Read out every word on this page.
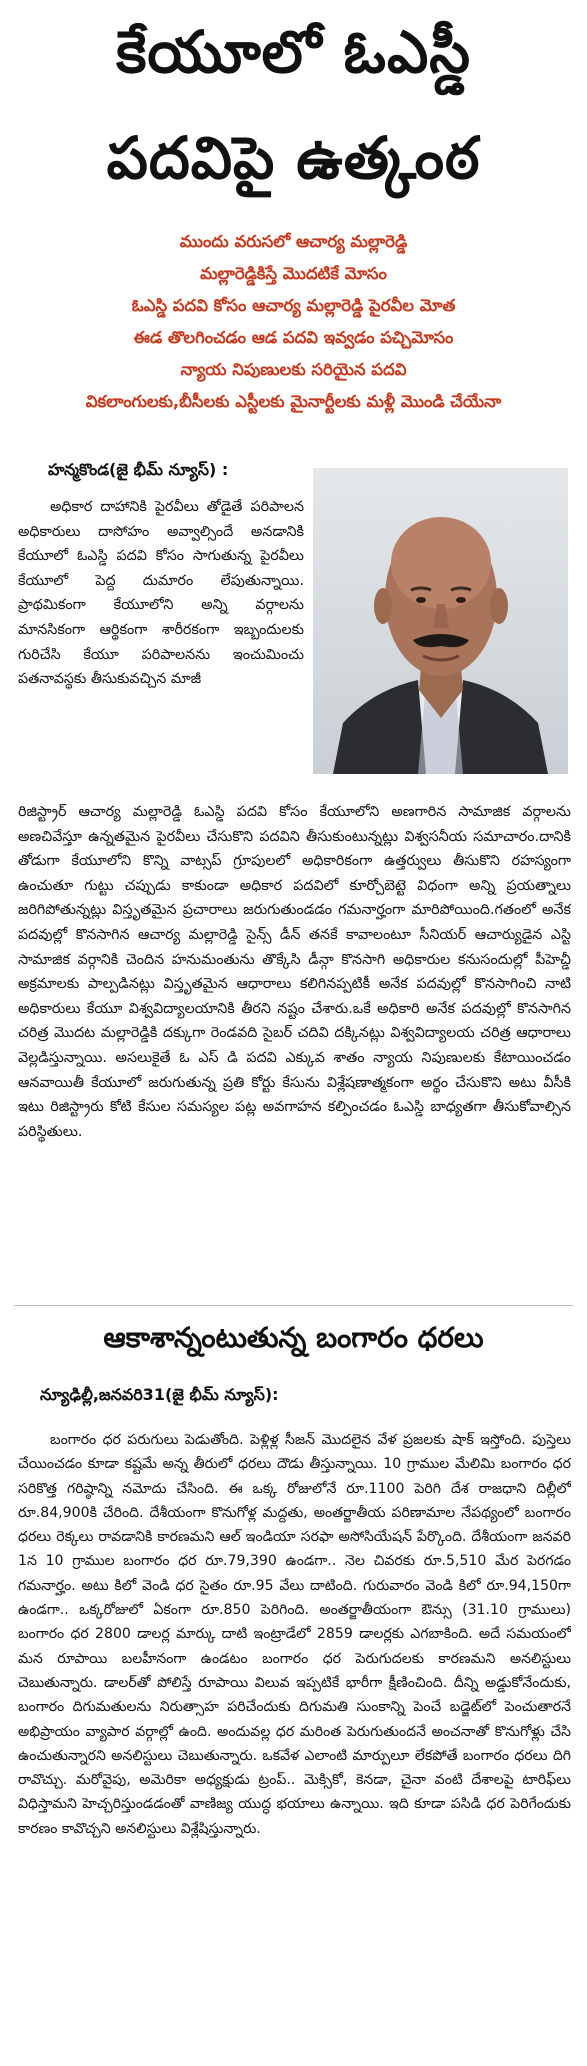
కేయూలో ఓఎస్డీ
పదవిపై ఉత్కంఠ
ముందు వరుసలో ఆచార్య మల్లారెడ్డి
మల్లారెడ్డికిస్తే మొదటికే మోసం
ఓఎస్డి పదవి కోసం ఆచార్య మల్లారెడ్డి పైరవీల మోత
ఈడ తొలగించడం ఆడ పదవి ఇవ్వడం పచ్చిమోసం
న్యాయ నిపుణులకు సరియైన పదవి
వికలాంగులకు,బీసీలకు ఎస్టీలకు మైనార్టీలకు మళ్లీ మొండి చేయేనా
హన్మకొండ(జై భీమ్ న్యూస్) :

అధికార దాహానికి పైరవీలు తోడైతే పరిపాలన అధికారులు దాసోహం అవ్వాల్సిందే అనడానికి కేయూలో ఓఎస్డి పదవి కోసం సాగుతున్న పైరవీలు కేయూలో పెద్ద దుమారం లేపుతున్నాయి. ప్రాథమికంగా కేయూలోని అన్ని వర్గాలను మానసికంగా ఆర్థికంగా శారీరకంగా ఇబ్బందులకు గురిచేసి కేయూ పరిపాలనను ఇంచుమించు పతనావస్థకు తీసుకువచ్చిన మాజీ

రిజిస్ట్రార్ ఆచార్య మల్లారెడ్డి ఓఎస్డి పదవి కోసం కేయూలోని అణగారిన సామాజిక వర్గాలను అణచివేస్తూ ఉన్నతమైన పైరవీలు చేసుకొని పదవిని తీసుకుంటున్నట్లు విశ్వసనీయ సమాచారం.దానికి తోడుగా కేయూలోని కొన్ని వాట్సప్ గ్రూపులలో అధికారికంగా ఉత్తర్వులు తీసుకొని రహస్యంగా ఉంచుతూ గుట్టు చప్పుడు కాకుండా అధికార పదవిలో కూర్చోబెట్టె విధంగా అన్ని ప్రయత్నాలు జరిగిపోతున్నట్లు విస్తృతమైన ప్రచారాలు జరుగుతుండడం గమనార్హంగా మారిపోయింది.గతంలో అనేక పదవుల్లో కొనసాగిన ఆచార్య మల్లారెడ్డి సైన్స్ డీన్ తనకే కావాలంటూ సీనియర్ ఆచార్యుడైన ఎస్టి సామాజిక వర్గానికి చెందిన హనుమంతును తొక్కేసి డీన్గా కొనసాగి అధికారుల కనుసందుల్లో పీహెచ్డీ అక్రమాలకు పాల్పడినట్లు విస్తృతమైన ఆధారాలు కలిగినప్పటికీ అనేక పదవుల్లో కొనసాగించి నాటి అధికారులు కేయూ విశ్వవిద్యాలయానికి తీరని నష్టం చేశారు.ఒకే అధికారి అనేక పదవుల్లో కొనసాగిన చరిత్ర మొదట మల్లారెడ్డికి దక్కుగా రెండవది సైబర్ చదివి దక్కినట్లు విశ్వవిద్యాలయ చరిత్ర ఆధారాలు వెల్లడిస్తున్నాయి. అసలుకైతే ఓ ఎస్ డి పదవి ఎక్కువ శాతం న్యాయ నిపుణులకు కేటాయించడం ఆనవాయితీ కేయూలో జరుగుతున్న ప్రతి కోర్టు కేసును విశ్లేషణాత్మకంగా అర్థం చేసుకొని అటు వీసీకి ఇటు రిజిస్ట్రారు కోటి కేసుల సమస్యల పట్ల అవగాహన కల్పించడం ఓఎస్డి బాధ్యతగా తీసుకోవాల్సిన పరిస్థితులు.

ఆకాశాన్నంటుతున్న బంగారం ధరలు
న్యూఢిల్లీ,జనవరి31(జై భీమ్ న్యూస్):

బంగారం ధర పరుగులు పెడుతోంది. పెళ్లిళ్ల సీజన్ మొదలైన వేళ ప్రజలకు షాక్ ఇస్తోంది. పుస్తెలు చేయించడం కూడా కష్టమే అన్న తీరులో ధరలు దౌడు తీస్తున్నాయి. 10 గ్రాముల మేలిమి బంగారం ధర సరికొత్త గరిష్ఠాన్ని నమోదు చేసింది. ఈ ఒక్క రోజులోనే రూ.1100 పెరిగి దేశ రాజధాని దిల్లీలో రూ.84,900కి చేరింది. దేశీయంగా కొనుగోళ్ల మద్దతు, అంతర్జాతీయ పరిణామాల నేపథ్యంలో బంగారం ధరలు రెక్కలు రావడానికి కారణమని ఆల్ ఇండియా సరఫా అసోసియేషన్ పేర్కొంది. దేశీయంగా జనవరి 1న 10 గ్రాముల బంగారం ధర రూ.79,390 ఉండగా.. నెల చివరకు రూ.5,510 మేర పెరగడం గమనార్హం. అటు కిలో వెండి ధర సైతం రూ.95 వేలు దాటింది. గురువారం వెండి కిలో రూ.94,150గా ఉండగా.. ఒక్కరోజులో ఏకంగా రూ.850 పెరిగింది. అంతర్జాతీయంగా ఔన్సు (31.10 గ్రాములు) బంగారం ధర 2800 డాలర్ల మార్కు దాటి ఇంట్రాడేలో 2859 డాలర్లకు ఎగబాకింది. అదే సమయంలో మన రూపాయి బలహీనంగా ఉండటం బంగారం ధర పెరుగుదలకు కారణమని అనలిస్టులు చెబుతున్నారు. డాలర్‌తో పోలిస్తే రూపాయి విలువ ఇప్పటికే భారీగా క్షీణించింది. దీన్ని అడ్డుకోనేందుకు, బంగారం దిగుమతులను నిరుత్సాహ పరిచేందుకు దిగుమతి సుంకాన్ని పెంచే బడ్జెట్‌లో పెంచుతారనే అభిప్రాయం వ్యాపార వర్గాల్లో ఉంది. అందువల్ల ధర మరింత పెరుగుతుందనే అంచనాతో కొనుగోళ్లు చేసి ఉంచుతున్నారని అనలిస్టులు చెబుతున్నారు. ఒకవేళ ఎలాంటి మార్పులూ లేకపోతే బంగారం ధరలు దిగి రావొచ్చు. మరోవైపు, అమెరికా అధ్యక్షుడు ట్రంప్.. మెక్సికో, కెనడా, చైనా వంటి దేశాలపై టారిఫ్‌లు విధిస్తామని హెచ్చరిస్తుండడంతో వాణిజ్య యుద్ధ భయాలు ఉన్నాయి. ఇది కూడా పసిడి ధర పెరిగేందుకు కారణం కావొచ్చని అనలిస్టులు విశ్లేషిస్తున్నారు.
